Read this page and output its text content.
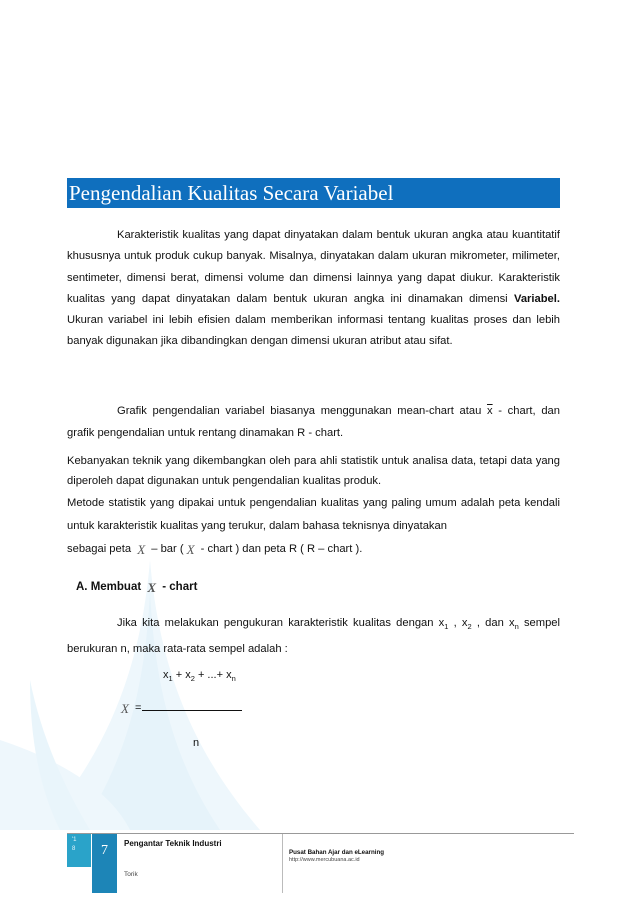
Pengendalian Kualitas Secara Variabel

Karakteristik kualitas yang dapat dinyatakan dalam bentuk ukuran angka atau kuantitatif khususnya untuk produk cukup banyak. Misalnya, dinyatakan dalam ukuran mikrometer, milimeter, sentimeter, dimensi berat, dimensi volume dan dimensi lainnya yang dapat diukur. Karakteristik kualitas yang dapat dinyatakan dalam bentuk ukuran angka ini dinamakan dimensi Variabel. Ukuran variabel ini lebih efisien dalam memberikan informasi tentang kualitas proses dan lebih banyak digunakan jika dibandingkan dengan dimensi ukuran atribut atau sifat.

Grafik pengendalian variabel biasanya menggunakan mean-chart atau $\overline{x}$ - chart, dan grafik pengendalian untuk rentang dinamakan R - chart.

Kebanyakan teknik yang dikembangkan oleh para ahli statistik untuk analisa data, tetapi data yang diperoleh dapat digunakan untuk pengendalian kualitas produk.

Metode statistik yang dipakai untuk pengendalian kualitas yang paling umum adalah peta kendali untuk karakteristik kualitas yang terukur, dalam bahasa teknisnya dinyatakan

sebagai peta X – bar ( X - chart ) dan peta R ( R – chart ).

A. Membuat X - chart

Jika kita melakukan pengukuran karakteristik kualitas dengan $x_1$ , $x_2$ , dan $x_n$ sempel berukuran n, maka rata-rata sempel adalah :

$x_1 + x_2$ + ...+ $x_n$
X =
n
'1
8	7	Pengantar Teknik Industri
Torik
Pusat Bahan Ajar dan eLearning
http://www.mercubuana.ac.id
